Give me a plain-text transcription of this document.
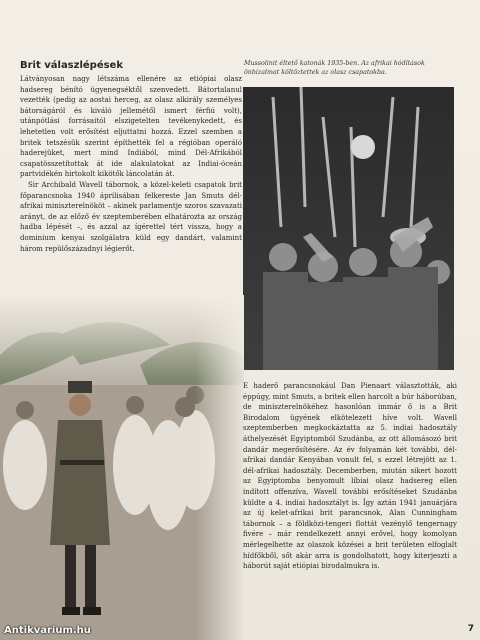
Brit válaszlépések

Látványosan nagy létszáma ellenére az etiópiai olasz hadsereg bénító ügyenegséktől szenvedett. Bátortalanul vezették (pedig az aostai herceg, az olasz alkirály személyes bátorságáról és kiváló jellemétől ismert férfiú volt), utánpótlási forrásaitól elszigetelten tevékenykedett, és lehetetlen volt erősítést eljuttatni hozzá. Ezzel szemben a britek tetszésük szerint építhették fel a régióban operáló haderejüket, mert mind Indiából, mind Dél-Afrikából csapatösszetítottak át ide alakulatokat az Indiai-óceán partvidékén hirtokolt kikötők láncolatán át.

Sir Archibald Wavell tábornok, a közel-keleti csapatok brit főparancsnoka 1940 áprilisában felkereste Jan Smuts dél-afrikai miniszterelnököt – akinek parlamentje szoros szavazati arányt, de az előző év szeptemberében elhatározta az ország hadba lépését –, és azzal az ígérettel tért vissza, hogy a dominium kenyai szolgálatra küld egy dandárt, valamint három repülőszázadnyi légierőt.

Mussolinit éltető katonák 1935-ben. Az afrikai hódítások önbizalmat költöztettek az olasz csapatokba.

E haderő parancsnokául Dan Pienaart választották, aki éppúgy, mint Smuts, a britek ellen harcolt a búr háborúban, de miniszterelnökéhez hasonlóan immár ő is a Brit Birodalom ügyének elkötelezett híve volt. Wavell szeptemberben megkockáztatta az 5. indiai hadosztály áthelyezését Egyiptomból Szudánba, az ott állomásozó brit dandár megerősítésére. Az év folyamán két további, dél-afrikai dandár Kenyában vonult fel, s ezzel létrejött az 1. dél-afrikai hadosztály. Decemberben, miután sikert hozott az Egyiptomba benyomult líbiai olasz hadsereg ellen indított offenzíva, Wavell további erősítéseket Szudánba küldte a 4. indiai hadosztályt is. Így aztán 1941 januárjára az új kelet-afrikai brit parancsnok, Alan Cunningham tábornok – a földközi-tengeri flottát vezénylő tengernagy fivére – már rendelkezett annyi erővel, hogy komolyan mérlegelhette az olaszok közései a brit területen elfoglalt hídfőkből, sőt akár arra is gondolhatott, hogy kiterjeszti a háborút saját etiópiai birodalmukra is.

Antikvarium.hu	7
